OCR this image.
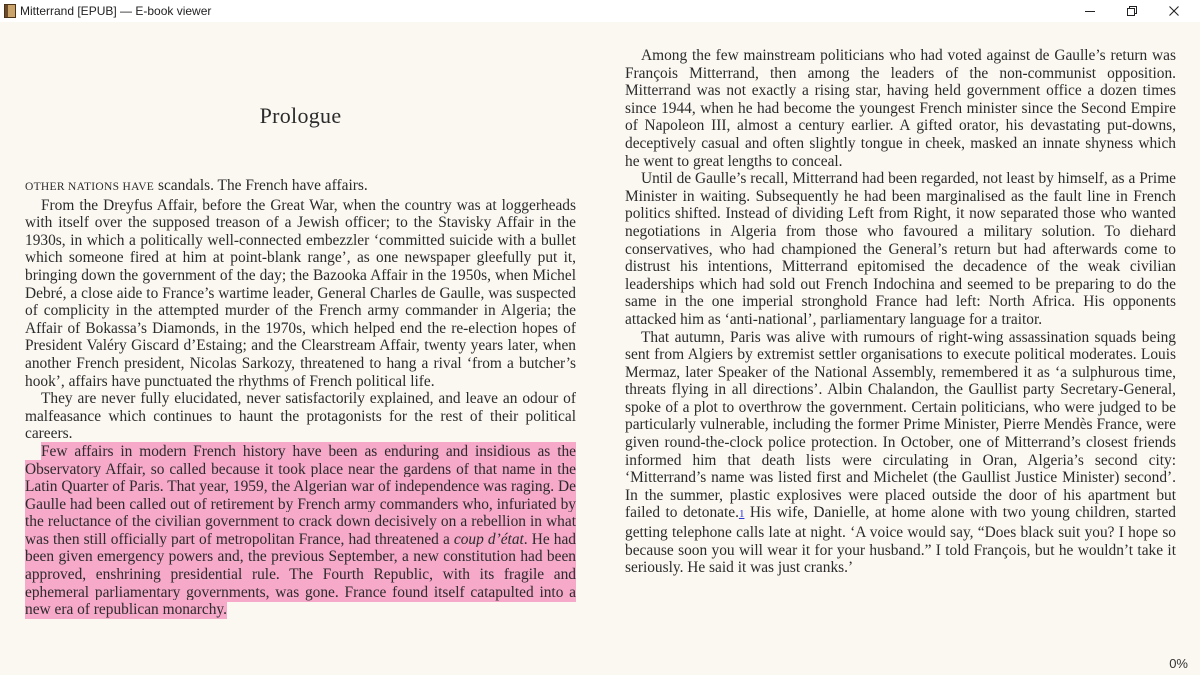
Mitterrand [EPUB] — E-book viewer
Prologue

OTHER NATIONS HAVE scandals. The French have affairs.

From the Dreyfus Affair, before the Great War, when the country was at loggerheads with itself over the supposed treason of a Jewish officer; to the Stavisky Affair in the 1930s, in which a politically well-connected embezzler ‘committed suicide with a bullet which someone fired at him at point-blank range’, as one newspaper gleefully put it, bringing down the government of the day; the Bazooka Affair in the 1950s, when Michel Debré, a close aide to France’s wartime leader, General Charles de Gaulle, was suspected of complicity in the attempted murder of the French army commander in Algeria; the Affair of Bokassa’s Diamonds, in the 1970s, which helped end the re-election hopes of President Valéry Giscard d’Estaing; and the Clearstream Affair, twenty years later, when another French president, Nicolas Sarkozy, threatened to hang a rival ‘from a butcher’s hook’, affairs have punctuated the rhythms of French political life.

They are never fully elucidated, never satisfactorily explained, and leave an odour of malfeasance which continues to haunt the protagonists for the rest of their political careers.

Few affairs in modern French history have been as enduring and insidious as the Observatory Affair, so called because it took place near the gardens of that name in the Latin Quarter of Paris. That year, 1959, the Algerian war of independence was raging. De Gaulle had been called out of retirement by French army commanders who, infuriated by the reluctance of the civilian government to crack down decisively on a rebellion in what was then still officially part of metropolitan France, had threatened a coup d’état. He had been given emergency powers and, the previous September, a new constitution had been approved, enshrining presidential rule. The Fourth Republic, with its fragile and ephemeral parliamentary governments, was gone. France found itself catapulted into a new era of republican monarchy.

Among the few mainstream politicians who had voted against de Gaulle’s return was François Mitterrand, then among the leaders of the non-communist opposition. Mitterrand was not exactly a rising star, having held government office a dozen times since 1944, when he had become the youngest French minister since the Second Empire of Napoleon III, almost a century earlier. A gifted orator, his devastating put-downs, deceptively casual and often slightly tongue in cheek, masked an innate shyness which he went to great lengths to conceal.

Until de Gaulle’s recall, Mitterrand had been regarded, not least by himself, as a Prime Minister in waiting. Subsequently he had been marginalised as the fault line in French politics shifted. Instead of dividing Left from Right, it now separated those who wanted negotiations in Algeria from those who favoured a military solution. To diehard conservatives, who had championed the General’s return but had afterwards come to distrust his intentions, Mitterrand epitomised the decadence of the weak civilian leaderships which had sold out French Indochina and seemed to be preparing to do the same in the one imperial stronghold France had left: North Africa. His opponents attacked him as ‘anti-national’, parliamentary language for a traitor.

That autumn, Paris was alive with rumours of right-wing assassination squads being sent from Algiers by extremist settler organisations to execute political moderates. Louis Mermaz, later Speaker of the National Assembly, remembered it as ‘a sulphurous time, threats flying in all directions’. Albin Chalandon, the Gaullist party Secretary-General, spoke of a plot to overthrow the government. Certain politicians, who were judged to be particularly vulnerable, including the former Prime Minister, Pierre Mendès France, were given round-the-clock police protection. In October, one of Mitterrand’s closest friends informed him that death lists were circulating in Oran, Algeria’s second city: ‘Mitterrand’s name was listed first and Michelet (the Gaullist Justice Minister) second’. In the summer, plastic explosives were placed outside the door of his apartment but failed to detonate.1 His wife, Danielle, at home alone with two young children, started getting telephone calls late at night. ‘A voice would say, “Does black suit you? I hope so because soon you will wear it for your husband.” I told François, but he wouldn’t take it seriously. He said it was just cranks.’

0%
